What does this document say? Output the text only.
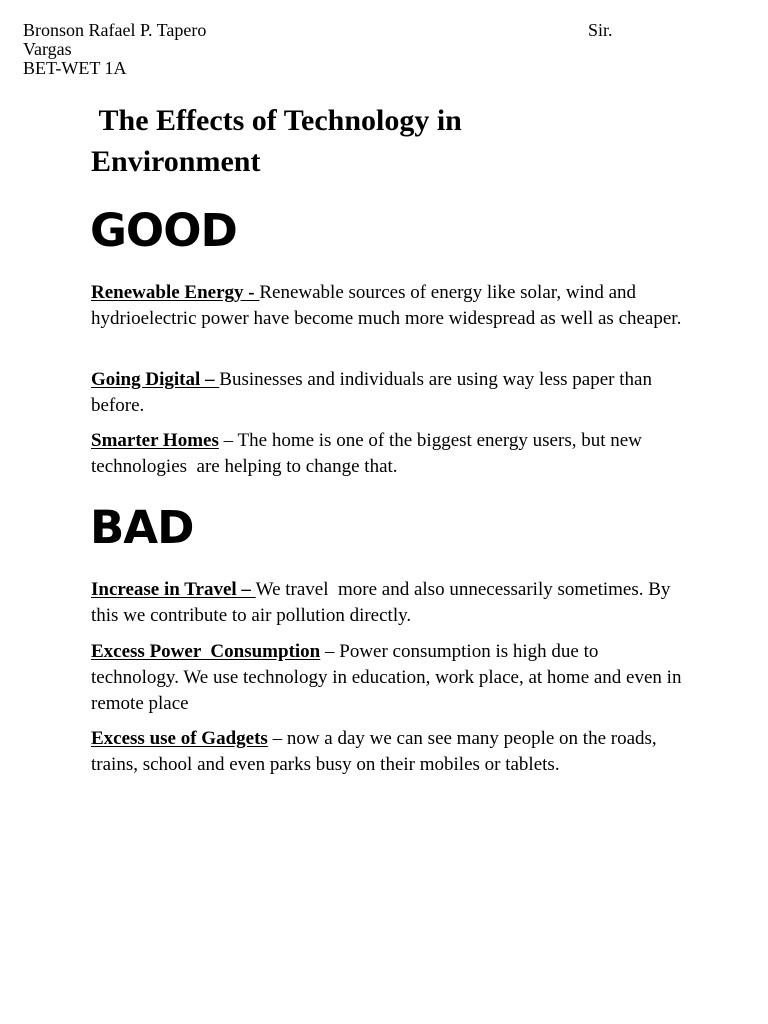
Bronson Rafael P. Tapero	Sir.
Vargas
BET-WET 1A
The Effects of Technology in Environment
GOOD

Renewable Energy - Renewable sources of energy like solar, wind and hydrioelectric power have become much more widespread as well as cheaper.

Going Digital – Businesses and individuals are using way less paper than before.

Smarter Homes – The home is one of the biggest energy users, but new technologies  are helping to change that.

BAD

Increase in Travel – We travel  more and also unnecessarily sometimes. By this we contribute to air pollution directly.

Excess Power  Consumption – Power consumption is high due to technology. We use technology in education, work place, at home and even in remote place

Excess use of Gadgets – now a day we can see many people on the roads, trains, school and even parks busy on their mobiles or tablets.
